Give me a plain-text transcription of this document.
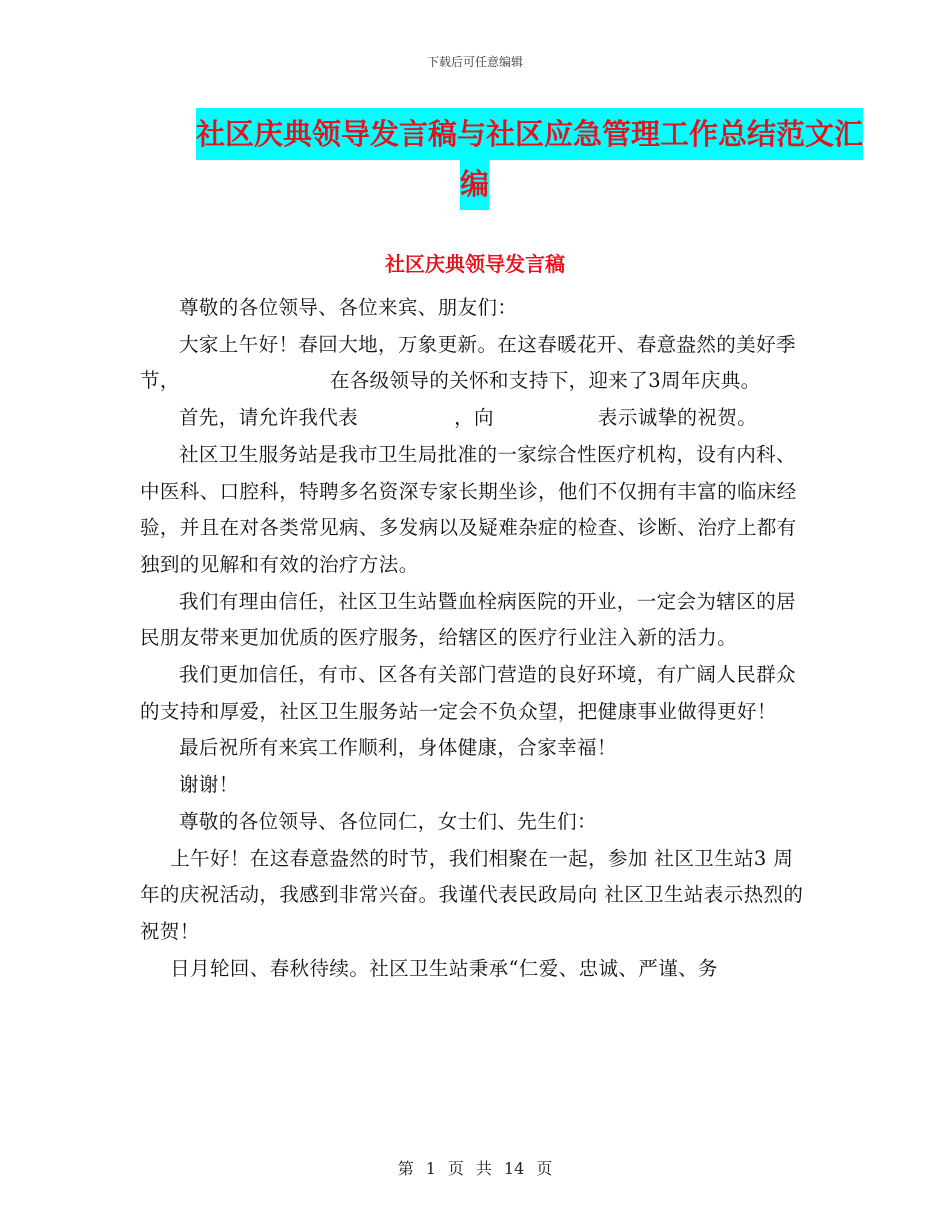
下载后可任意编辑
社区庆典领导发言稿与社区应急管理工作总结范文汇
编
社区庆典领导发言稿

尊敬的各位领导、各位来宾、朋友们：

大家上午好！春回大地，万象更新。在这春暖花开、春意盎然的美好季节，	在各级领导的关怀和支持下，迎来了3周年庆典。

首先，请允许我代表	，向	表示诚挚的祝贺。

社区卫生服务站是我市卫生局批准的一家综合性医疗机构，设有内科、中医科、口腔科，特聘多名资深专家长期坐诊，他们不仅拥有丰富的临床经验，并且在对各类常见病、多发病以及疑难杂症的检查、诊断、治疗上都有独到的见解和有效的治疗方法。

我们有理由信任，社区卫生站暨血栓病医院的开业，一定会为辖区的居民朋友带来更加优质的医疗服务，给辖区的医疗行业注入新的活力。

我们更加信任，有市、区各有关部门营造的良好环境，有广阔人民群众的支持和厚爱，社区卫生服务站一定会不负众望，把健康事业做得更好！

最后祝所有来宾工作顺利，身体健康，合家幸福！

谢谢！

尊敬的各位领导、各位同仁，女士们、先生们：

上午好！在这春意盎然的时节，我们相聚在一起，参加 社区卫生站3 周年的庆祝活动，我感到非常兴奋。我谨代表民政局向 社区卫生站表示热烈的祝贺！

日月轮回、春秋待续。社区卫生站秉承“仁爱、忠诚、严谨、务

第 1 页 共 14 页
